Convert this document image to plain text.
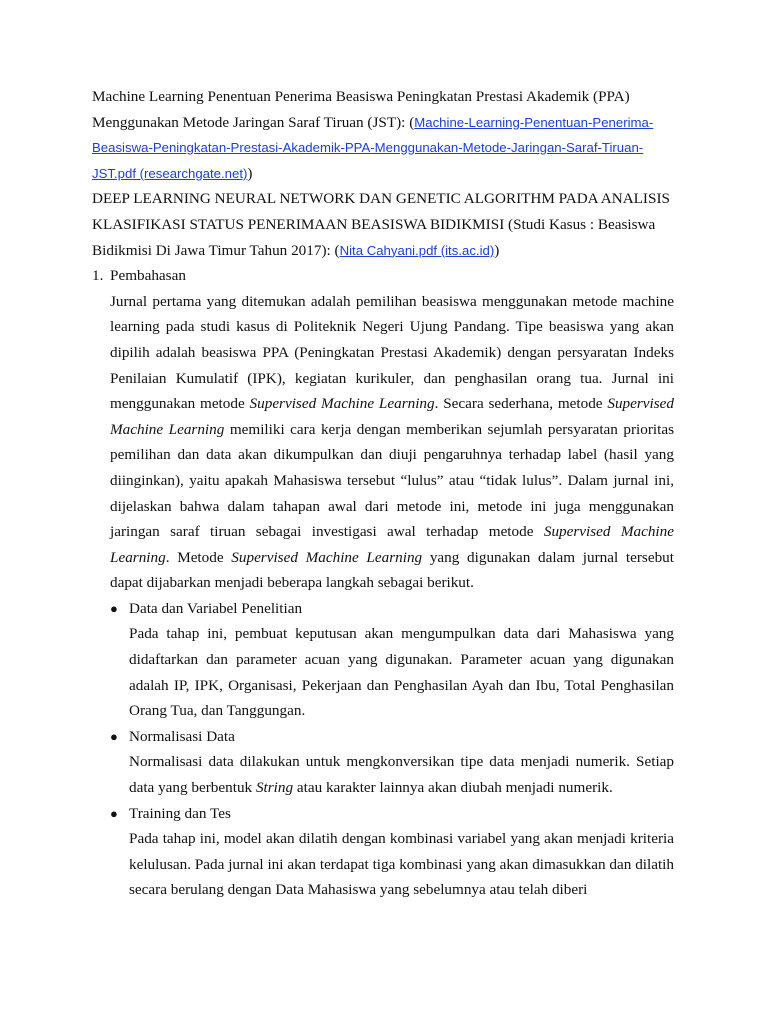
Machine Learning Penentuan Penerima Beasiswa Peningkatan Prestasi Akademik (PPA) Menggunakan Metode Jaringan Saraf Tiruan (JST): (Machine-Learning-Penentuan-Penerima-Beasiswa-Peningkatan-Prestasi-Akademik-PPA-Menggunakan-Metode-Jaringan-Saraf-Tiruan-JST.pdf (researchgate.net))

DEEP LEARNING NEURAL NETWORK DAN GENETIC ALGORITHM PADA ANALISIS KLASIFIKASI STATUS PENERIMAAN BEASISWA BIDIKMISI (Studi Kasus : Beasiswa Bidikmisi Di Jawa Timur Tahun 2017): (Nita Cahyani.pdf (its.ac.id))

1. Pembahasan

Jurnal pertama yang ditemukan adalah pemilihan beasiswa menggunakan metode machine learning pada studi kasus di Politeknik Negeri Ujung Pandang. Tipe beasiswa yang akan dipilih adalah beasiswa PPA (Peningkatan Prestasi Akademik) dengan persyaratan Indeks Penilaian Kumulatif (IPK), kegiatan kurikuler, dan penghasilan orang tua. Jurnal ini menggunakan metode Supervised Machine Learning. Secara sederhana, metode Supervised Machine Learning memiliki cara kerja dengan memberikan sejumlah persyaratan prioritas pemilihan dan data akan dikumpulkan dan diuji pengaruhnya terhadap label (hasil yang diinginkan), yaitu apakah Mahasiswa tersebut “lulus” atau “tidak lulus”. Dalam jurnal ini, dijelaskan bahwa dalam tahapan awal dari metode ini, metode ini juga menggunakan jaringan saraf tiruan sebagai investigasi awal terhadap metode Supervised Machine Learning. Metode Supervised Machine Learning yang digunakan dalam jurnal tersebut dapat dijabarkan menjadi beberapa langkah sebagai berikut.

● Data dan Variabel Penelitian

Pada tahap ini, pembuat keputusan akan mengumpulkan data dari Mahasiswa yang didaftarkan dan parameter acuan yang digunakan. Parameter acuan yang digunakan adalah IP, IPK, Organisasi, Pekerjaan dan Penghasilan Ayah dan Ibu, Total Penghasilan Orang Tua, dan Tanggungan.

● Normalisasi Data

Normalisasi data dilakukan untuk mengkonversikan tipe data menjadi numerik. Setiap data yang berbentuk String atau karakter lainnya akan diubah menjadi numerik.

● Training dan Tes

Pada tahap ini, model akan dilatih dengan kombinasi variabel yang akan menjadi kriteria kelulusan. Pada jurnal ini akan terdapat tiga kombinasi yang akan dimasukkan dan dilatih secara berulang dengan Data Mahasiswa yang sebelumnya atau telah diberi
